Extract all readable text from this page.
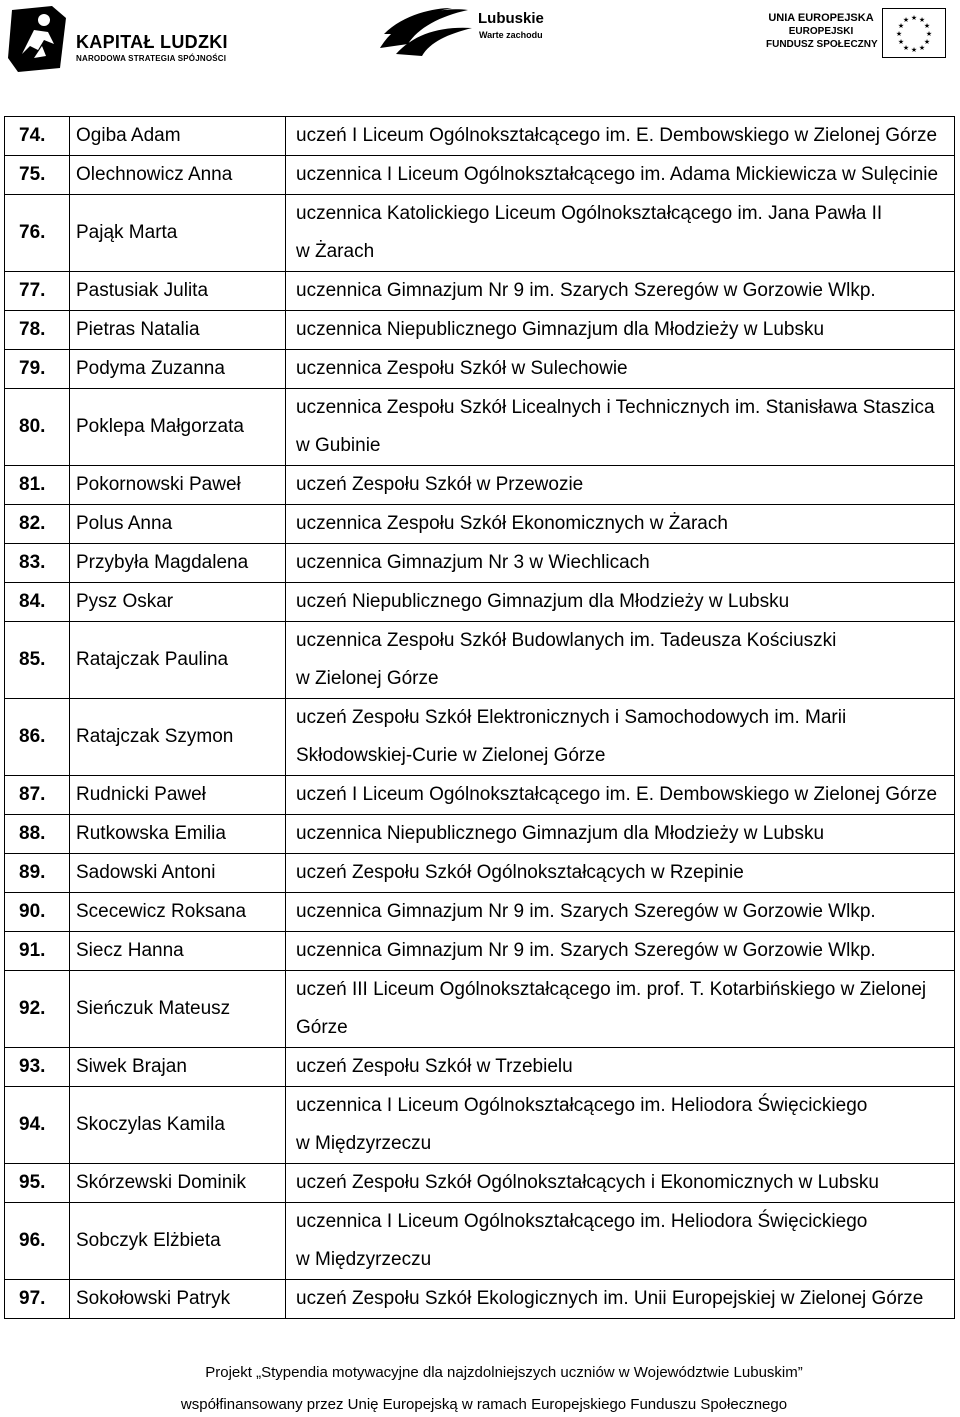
KAPITAŁ LUDZKI
NARODOWA STRATEGIA SPÓJNOŚCI
Lubuskie
Warte zachodu
UNIA EUROPEJSKA
EUROPEJSKI
FUNDUSZ SPOŁECZNY
★ ★
★
★
★
★
★
★
★
★
★
★
74.	Ogiba Adam	uczeń I Liceum Ogólnokształcącego im. E. Dembowskiego w Zielonej Górze

75.	Olechnowicz Anna	uczennica I Liceum Ogólnokształcącego im. Adama Mickiewicza w Sulęcinie

76.	Pająk Marta	uczennica Katolickiego Liceum Ogólnokształcącego im. Jana Pawła II
w Żarach

77.	Pastusiak Julita	uczennica Gimnazjum Nr 9 im. Szarych Szeregów w Gorzowie Wlkp.

78.	Pietras Natalia	uczennica Niepublicznego Gimnazjum dla Młodzieży w Lubsku

79.	Podyma Zuzanna	uczennica Zespołu Szkół w Sulechowie

80.	Poklepa Małgorzata	uczennica Zespołu Szkół Licealnych i Technicznych im. Stanisława Staszica
w Gubinie

81.	Pokornowski Paweł	uczeń Zespołu Szkół w Przewozie

82.	Polus Anna	uczennica Zespołu Szkół Ekonomicznych w Żarach

83.	Przybyła Magdalena	uczennica Gimnazjum Nr 3 w Wiechlicach

84.	Pysz Oskar	uczeń Niepublicznego Gimnazjum dla Młodzieży w Lubsku

85.	Ratajczak Paulina	uczennica Zespołu Szkół Budowlanych im. Tadeusza Kościuszki
w Zielonej Górze

86.	Ratajczak Szymon	uczeń Zespołu Szkół Elektronicznych i Samochodowych im. Marii
Skłodowskiej-Curie w Zielonej Górze

87.	Rudnicki Paweł	uczeń I Liceum Ogólnokształcącego im. E. Dembowskiego w Zielonej Górze

88.	Rutkowska Emilia	uczennica Niepublicznego Gimnazjum dla Młodzieży w Lubsku

89.	Sadowski Antoni	uczeń Zespołu Szkół Ogólnokształcących w Rzepinie

90.	Scecewicz Roksana	uczennica Gimnazjum Nr 9 im. Szarych Szeregów w Gorzowie Wlkp.

91.	Siecz Hanna	uczennica Gimnazjum Nr 9 im. Szarych Szeregów w Gorzowie Wlkp.

92.	Sieńczuk Mateusz	uczeń III Liceum Ogólnokształcącego im. prof. T. Kotarbińskiego w Zielonej
Górze

93.	Siwek Brajan	uczeń Zespołu Szkół w Trzebielu

94.	Skoczylas Kamila	uczennica I Liceum Ogólnokształcącego im. Heliodora Święcickiego
w Międzyrzeczu

95.	Skórzewski Dominik	uczeń Zespołu Szkół Ogólnokształcących i Ekonomicznych w Lubsku

96.	Sobczyk Elżbieta	uczennica I Liceum Ogólnokształcącego im. Heliodora Święcickiego
w Międzyrzeczu

97.	Sokołowski Patryk	uczeń Zespołu Szkół Ekologicznych im. Unii Europejskiej w Zielonej Górze
Projekt „Stypendia motywacyjne dla najzdolniejszych uczniów w Województwie Lubuskim”
współfinansowany przez Unię Europejską w ramach Europejskiego Funduszu Społecznego
